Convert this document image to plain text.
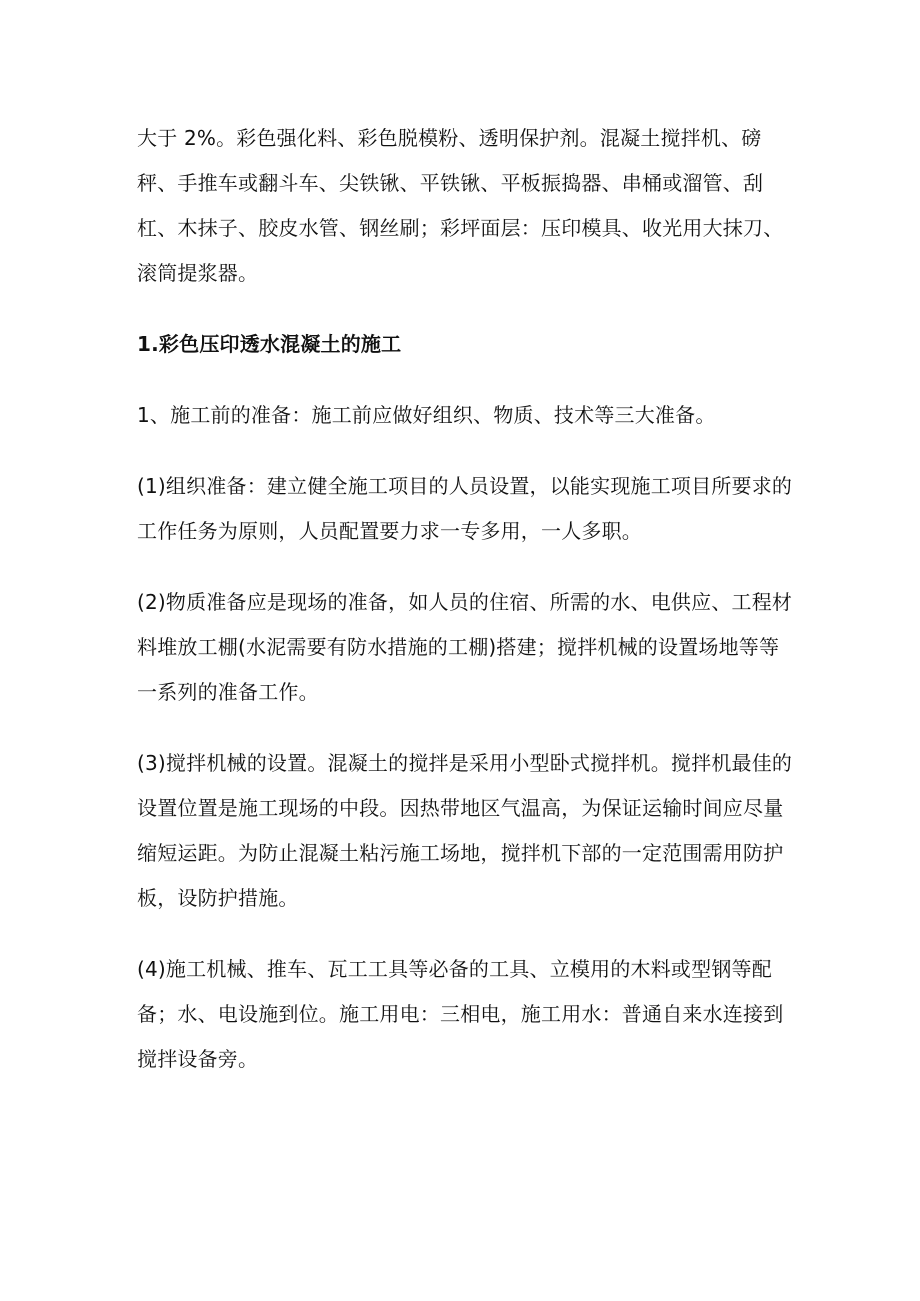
大于 2%。彩色强化料、彩色脱模粉、透明保护剂。混凝土搅拌机、磅秤、手推车或翻斗车、尖铁锹、平铁锹、平板振捣器、串桶或溜管、刮杠、木抹子、胶皮水管、钢丝刷；彩坪面层：压印模具、收光用大抹刀、滚筒提浆器。

1.彩色压印透水混凝土的施工

1、施工前的准备：施工前应做好组织、物质、技术等三大准备。

(1)组织准备：建立健全施工项目的人员设置，以能实现施工项目所要求的工作任务为原则，人员配置要力求一专多用，一人多职。

(2)物质准备应是现场的准备，如人员的住宿、所需的水、电供应、工程材料堆放工棚(水泥需要有防水措施的工棚)搭建；搅拌机械的设置场地等等一系列的准备工作。

(3)搅拌机械的设置。混凝土的搅拌是采用小型卧式搅拌机。搅拌机最佳的设置位置是施工现场的中段。因热带地区气温高，为保证运输时间应尽量缩短运距。为防止混凝土粘污施工场地，搅拌机下部的一定范围需用防护板，设防护措施。

(4)施工机械、推车、瓦工工具等必备的工具、立模用的木料或型钢等配备；水、电设施到位。施工用电：三相电，施工用水：普通自来水连接到搅拌设备旁。
